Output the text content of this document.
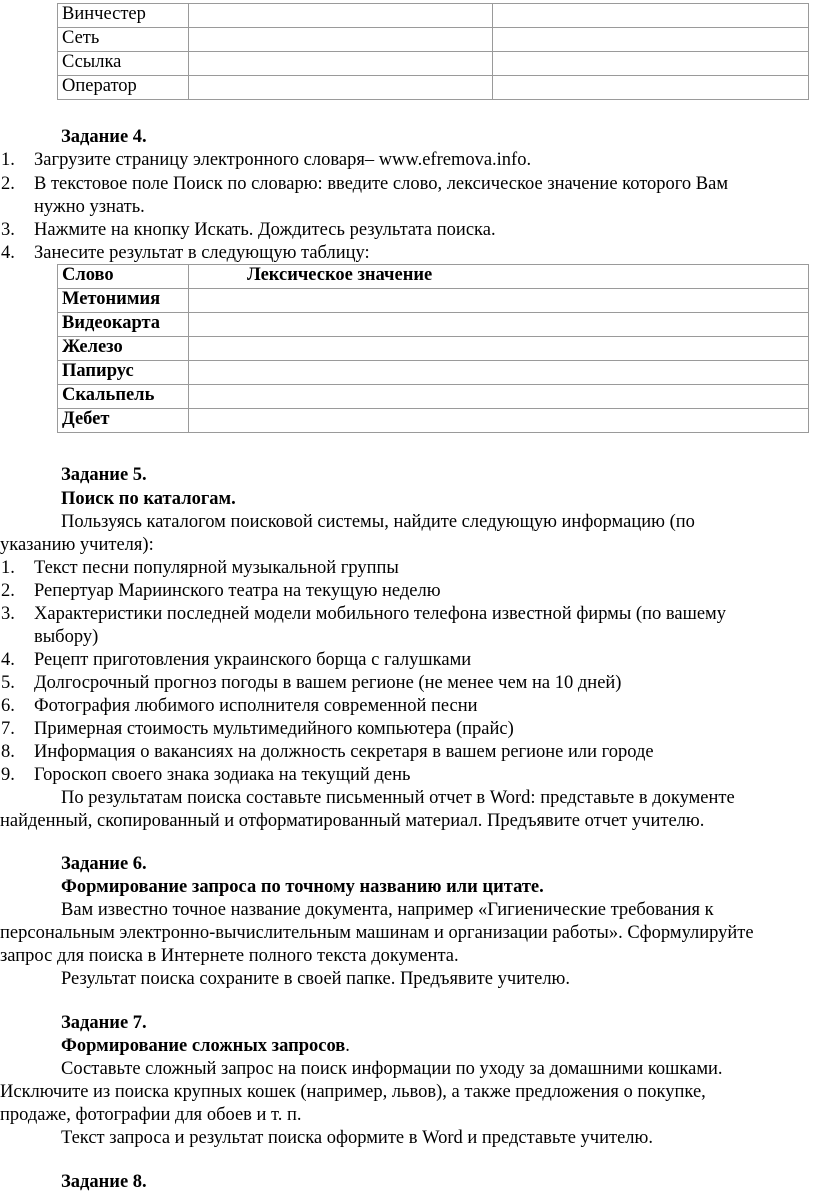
Винчестер		

Сеть		

Ссылка		

Оператор		

Задание 4.
1. Загрузите страницу электронного словаря– www.efremova.info.
2. В текстовое поле Поиск по словарю: введите слово, лексическое значение которого Вам
нужно узнать.
3. Нажмите на кнопку Искать. Дождитесь результата поиска.
4. Занесите результат в следующую таблицу:
Слово	Лексическое значение

Метонимия	

Видеокарта	

Железо	

Папирус	

Скальпель	

Дебет	

Задание 5.
Поиск по каталогам.
Пользуясь каталогом поисковой системы, найдите следующую информацию (по
указанию учителя):
1. Текст песни популярной музыкальной группы
2. Репертуар Мариинского театра на текущую неделю
3. Характеристики последней модели мобильного телефона известной фирмы (по вашему
выбору)
4. Рецепт приготовления украинского борща с галушками
5. Долгосрочный прогноз погоды в вашем регионе (не менее чем на 10 дней)
6. Фотография любимого исполнителя современной песни
7. Примерная стоимость мультимедийного компьютера (прайс)
8. Информация о вакансиях на должность секретаря в вашем регионе или городе
9. Гороскоп своего знака зодиака на текущий день
По результатам поиска составьте письменный отчет в Word: представьте в документе
найденный, скопированный и отформатированный материал. Предъявите отчет учителю.
Задание 6.
Формирование запроса по точному названию или цитате.
Вам известно точное название документа, например «Гигиенические требования к
персональным электронно-вычислительным машинам и организации работы». Сформулируйте
запрос для поиска в Интернете полного текста документа.
Результат поиска сохраните в своей папке. Предъявите учителю.
Задание 7.
Формирование сложных запросов.
Составьте сложный запрос на поиск информации по уходу за домашними кошками.
Исключите из поиска крупных кошек (например, львов), а также предложения о покупке,
продаже, фотографии для обоев и т. п.
Текст запроса и результат поиска оформите в Word и представьте учителю.
Задание 8.
